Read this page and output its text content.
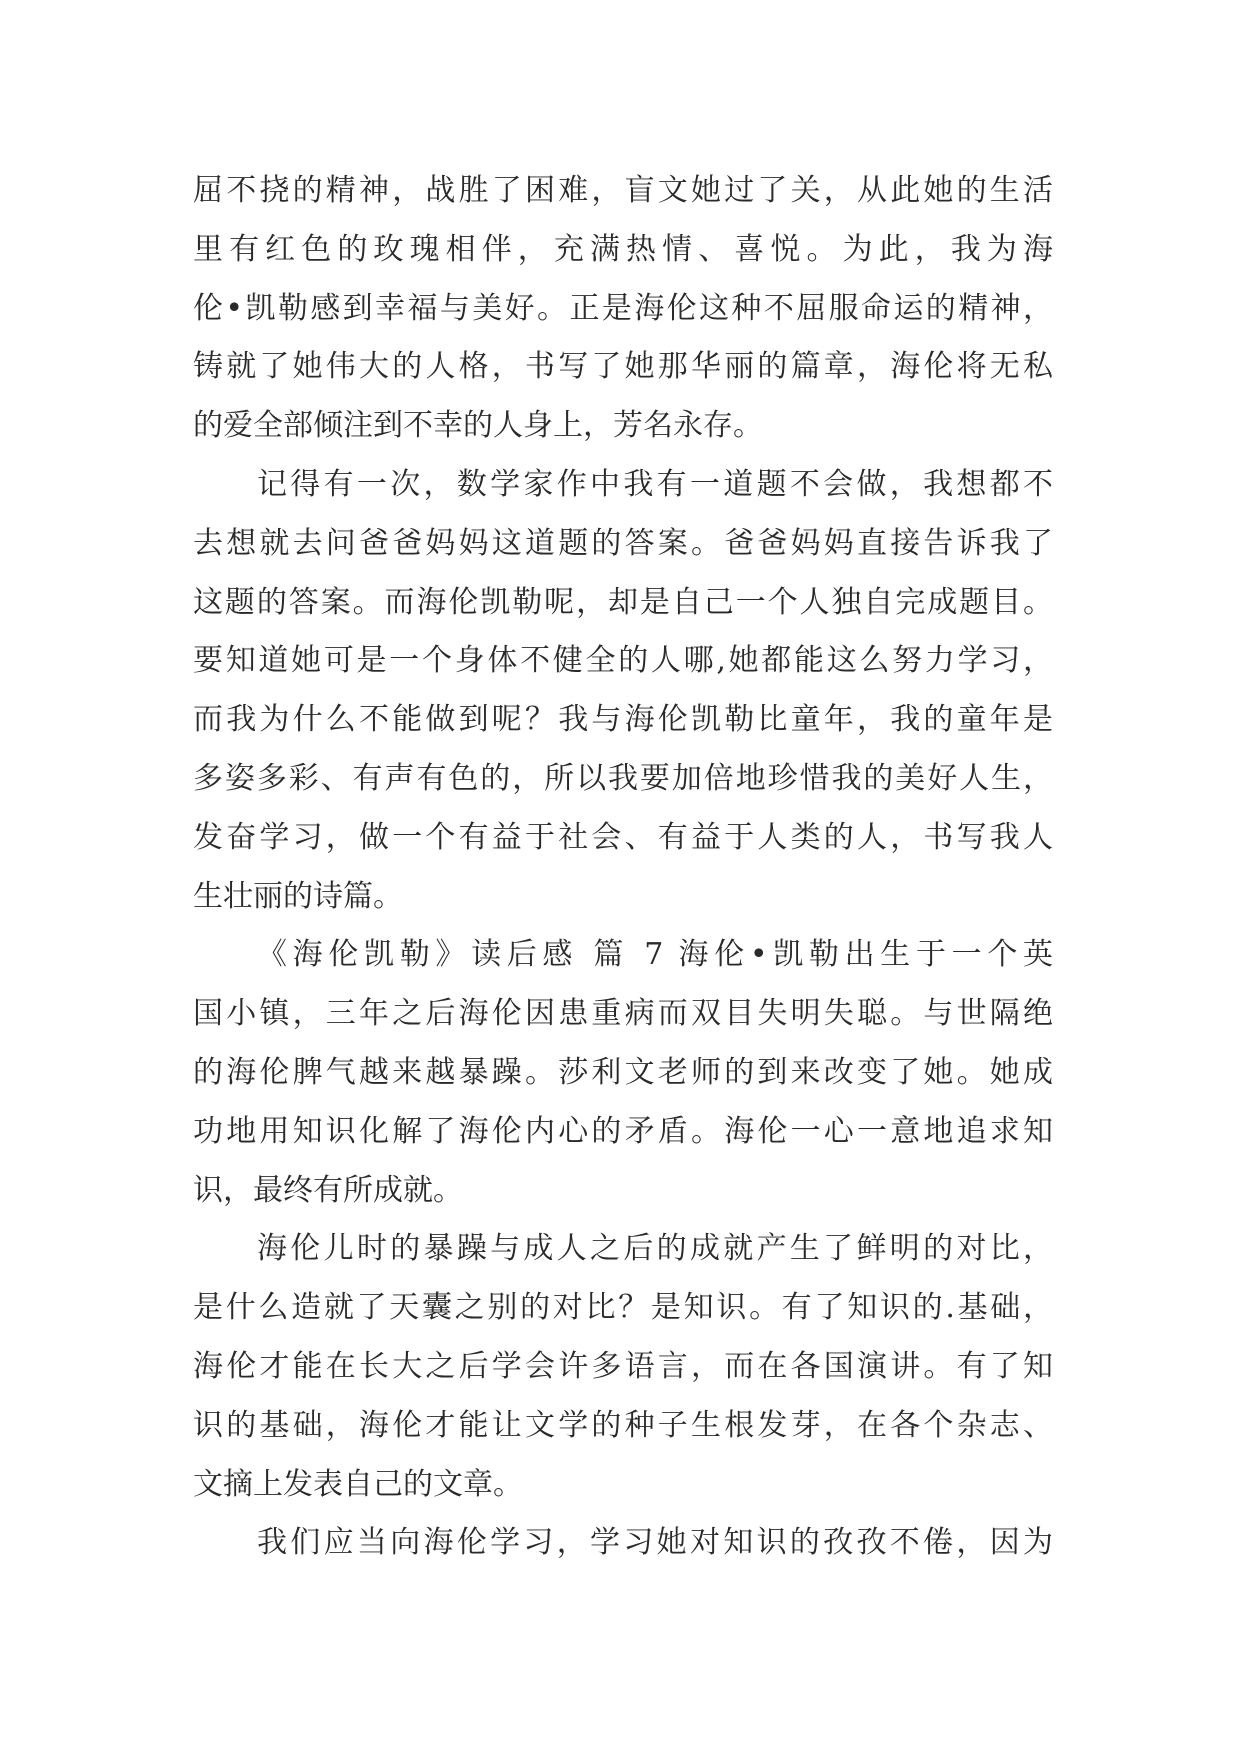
屈不挠的精神，战胜了困难，盲文她过了关，从此她的生活
里有红色的玫瑰相伴，充满热情、喜悦。为此，我为海
伦•凯勒感到幸福与美好。正是海伦这种不屈服命运的精神，
铸就了她伟大的人格，书写了她那华丽的篇章，海伦将无私
的爱全部倾注到不幸的人身上，芳名永存。
记得有一次，数学家作中我有一道题不会做，我想都不
去想就去问爸爸妈妈这道题的答案。爸爸妈妈直接告诉我了
这题的答案。而海伦凯勒呢，却是自己一个人独自完成题目。
要知道她可是一个身体不健全的人哪,她都能这么努力学习，
而我为什么不能做到呢？我与海伦凯勒比童年，我的童年是
多姿多彩、有声有色的，所以我要加倍地珍惜我的美好人生，
发奋学习，做一个有益于社会、有益于人类的人，书写我人
生壮丽的诗篇。
《海伦凯勒》读后感 篇 7 海伦•凯勒出生于一个英
国小镇，三年之后海伦因患重病而双目失明失聪。与世隔绝
的海伦脾气越来越暴躁。莎利文老师的到来改变了她。她成
功地用知识化解了海伦内心的矛盾。海伦一心一意地追求知
识，最终有所成就。
海伦儿时的暴躁与成人之后的成就产生了鲜明的对比，
是什么造就了天囊之别的对比？是知识。有了知识的.基础，
海伦才能在长大之后学会许多语言，而在各国演讲。有了知
识的基础，海伦才能让文学的种子生根发芽，在各个杂志、
文摘上发表自己的文章。
我们应当向海伦学习，学习她对知识的孜孜不倦，因为
